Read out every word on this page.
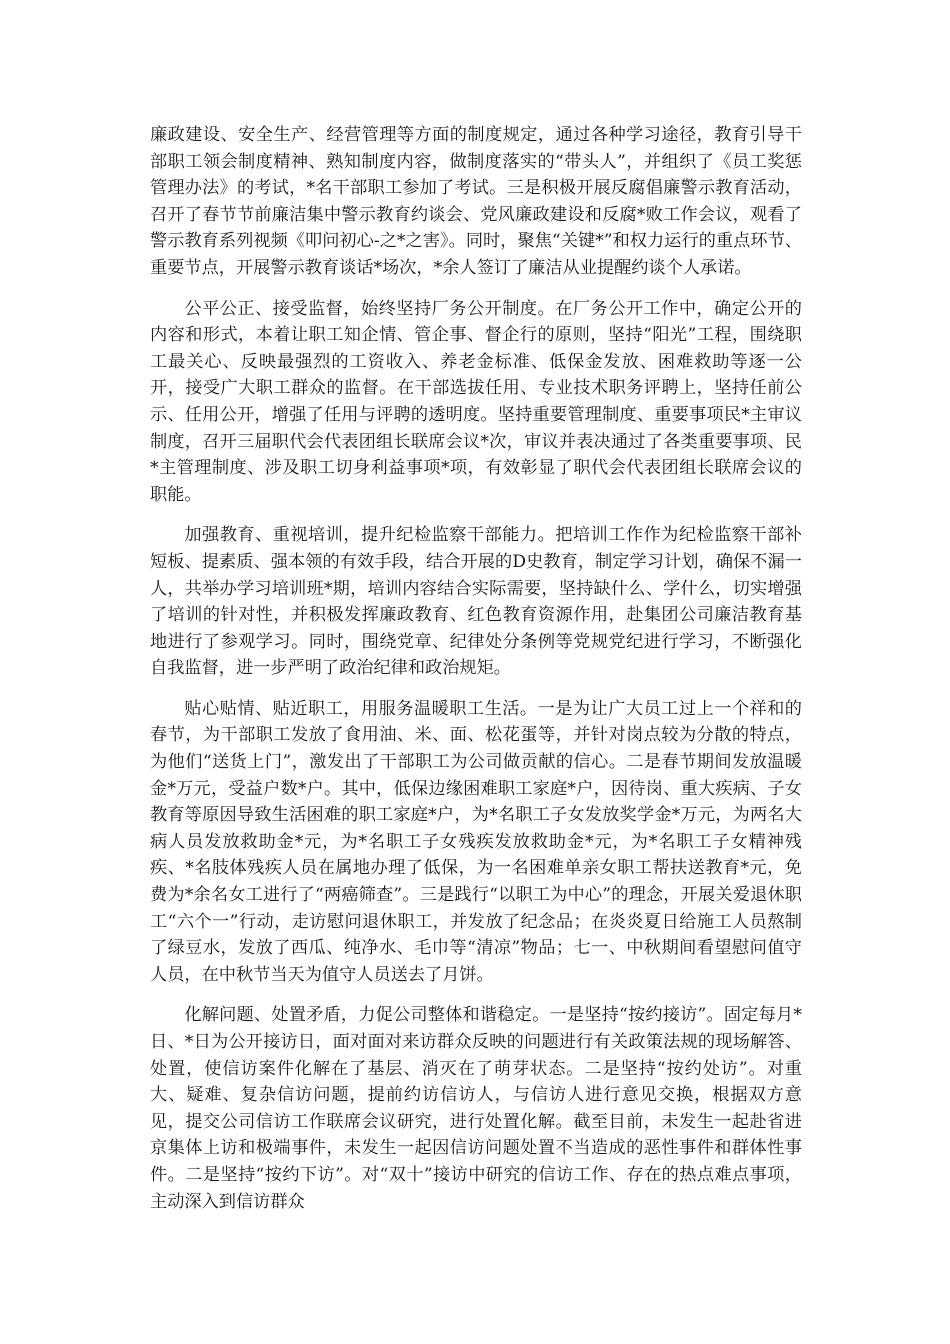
廉政建设、安全生产、经营管理等方面的制度规定，通过各种学习途径，教育引导干部职工领会制度精神、熟知制度内容，做制度落实的“带头人”，并组织了《员工奖惩管理办法》的考试，*名干部职工参加了考试。三是积极开展反腐倡廉警示教育活动，召开了春节节前廉洁集中警示教育约谈会、党风廉政建设和反腐*败工作会议，观看了警示教育系列视频《叩问初心-之*之害》。同时，聚焦“关键*”和权力运行的重点环节、重要节点，开展警示教育谈话*场次，*余人签订了廉洁从业提醒约谈个人承诺。

公平公正、接受监督，始终坚持厂务公开制度。在厂务公开工作中，确定公开的内容和形式，本着让职工知企情、管企事、督企行的原则，坚持“阳光”工程，围绕职工最关心、反映最强烈的工资收入、养老金标准、低保金发放、困难救助等逐一公开，接受广大职工群众的监督。在干部选拔任用、专业技术职务评聘上，坚持任前公示、任用公开，增强了任用与评聘的透明度。坚持重要管理制度、重要事项民*主审议制度，召开三届职代会代表团组长联席会议*次，审议并表决通过了各类重要事项、民*主管理制度、涉及职工切身利益事项*项，有效彰显了职代会代表团组长联席会议的职能。

加强教育、重视培训，提升纪检监察干部能力。把培训工作作为纪检监察干部补短板、提素质、强本领的有效手段，结合开展的D史教育，制定学习计划，确保不漏一人，共举办学习培训班*期，培训内容结合实际需要，坚持缺什么、学什么，切实增强了培训的针对性，并积极发挥廉政教育、红色教育资源作用，赴集团公司廉洁教育基地进行了参观学习。同时，围绕党章、纪律处分条例等党规党纪进行学习，不断强化自我监督，进一步严明了政治纪律和政治规矩。

贴心贴情、贴近职工，用服务温暖职工生活。一是为让广大员工过上一个祥和的春节，为干部职工发放了食用油、米、面、松花蛋等，并针对岗点较为分散的特点，为他们“送货上门”，激发出了干部职工为公司做贡献的信心。二是春节期间发放温暖金*万元，受益户数*户。其中，低保边缘困难职工家庭*户，因待岗、重大疾病、子女教育等原因导致生活困难的职工家庭*户，为*名职工子女发放奖学金*万元，为两名大病人员发放救助金*元，为*名职工子女残疾发放救助金*元，为*名职工子女精神残疾、*名肢体残疾人员在属地办理了低保，为一名困难单亲女职工帮扶送教育*元，免费为*余名女工进行了“两癌筛查”。三是践行“以职工为中心”的理念，开展关爱退休职工“六个一”行动，走访慰问退休职工，并发放了纪念品；在炎炎夏日给施工人员熬制了绿豆水，发放了西瓜、纯净水、毛巾等“清凉”物品；七一、中秋期间看望慰问值守人员，在中秋节当天为值守人员送去了月饼。

化解问题、处置矛盾，力促公司整体和谐稳定。一是坚持“按约接访”。固定每月*日、*日为公开接访日，面对面对来访群众反映的问题进行有关政策法规的现场解答、处置，使信访案件化解在了基层、消灭在了萌芽状态。二是坚持“按约处访”。对重大、疑难、复杂信访问题，提前约访信访人，与信访人进行意见交换，根据双方意见，提交公司信访工作联席会议研究，进行处置化解。截至目前，未发生一起赴省进京集体上访和极端事件，未发生一起因信访问题处置不当造成的恶性事件和群体性事件。二是坚持“按约下访”。对“双十”接访中研究的信访工作、存在的热点难点事项，主动深入到信访群众
